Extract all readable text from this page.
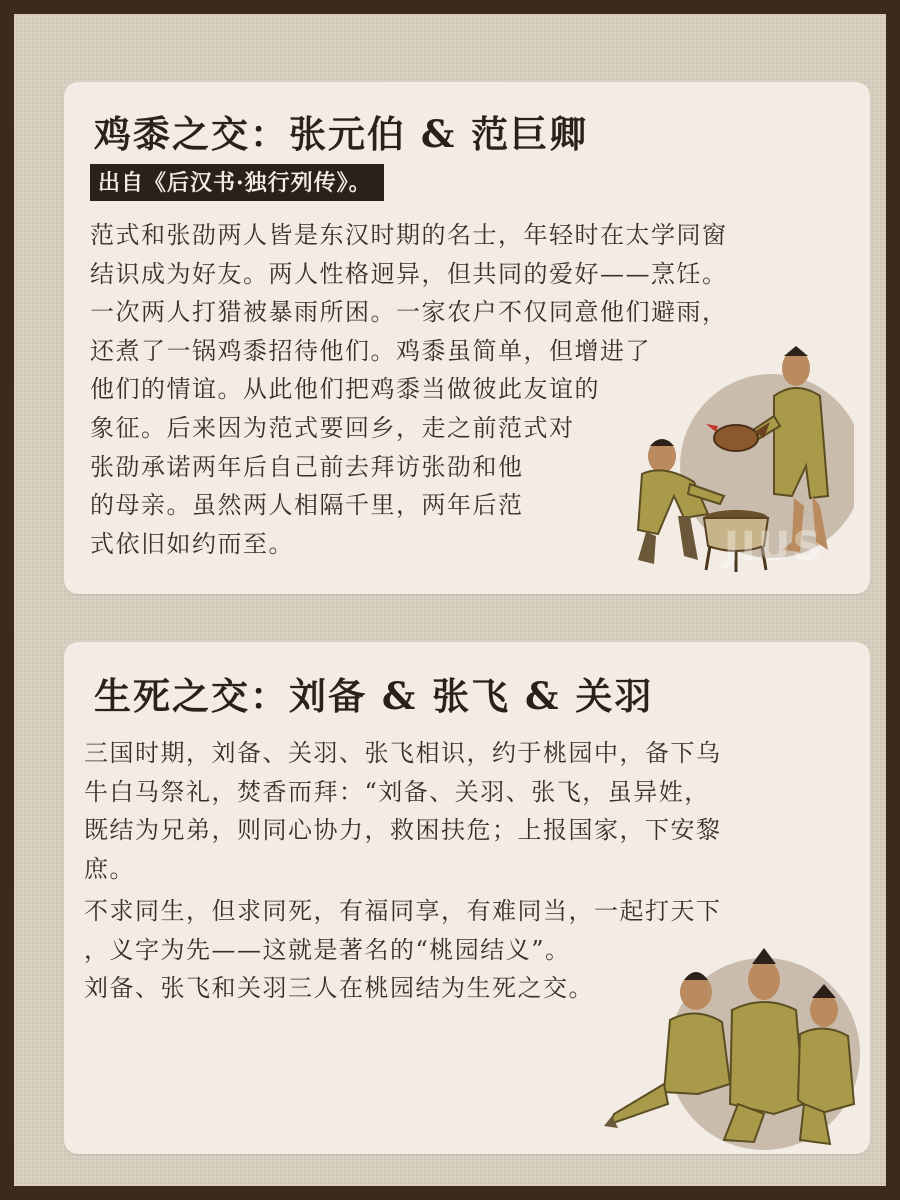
鸡黍之交：张元伯 & 范巨卿
出自《后汉书·独行列传》。
范式和张劭两人皆是东汉时期的名士，年轻时在太学同窗
结识成为好友。两人性格迥异，但共同的爱好——烹饪。
一次两人打猎被暴雨所困。一家农户不仅同意他们避雨，
还煮了一锅鸡黍招待他们。鸡黍虽简单，但增进了
他们的情谊。从此他们把鸡黍当做彼此友谊的
象征。后来因为范式要回乡，走之前范式对
张劭承诺两年后自己前去拜访张劭和他
的母亲。虽然两人相隔千里，两年后范
式依旧如约而至。	JIUS
生死之交：刘备 & 张飞 & 关羽
三国时期，刘备、关羽、张飞相识，约于桃园中，备下乌
牛白马祭礼，焚香而拜：“刘备、关羽、张飞，虽异姓，
既结为兄弟，则同心协力，救困扶危；上报国家，下安黎
庶。
不求同生，但求同死，有福同享，有难同当，一起打天下
，义字为先——这就是著名的“桃园结义”。
刘备、张飞和关羽三人在桃园结为生死之交。
